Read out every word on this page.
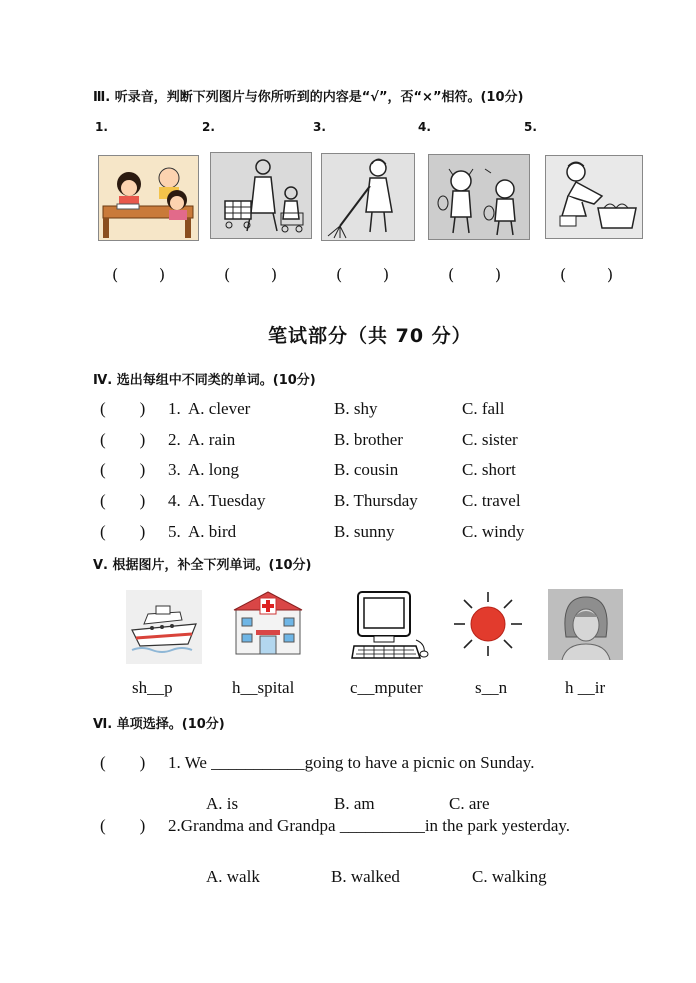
Ⅲ. 听录音，判断下列图片与你所听到的内容是“√”，否“×”相符。(10分)
1.	2.	3.	4.	5.
(        )	(        )	(        )	(        )	(        )
笔试部分（共 70 分）
Ⅳ. 选出每组中不同类的单词。(10分)
(        ) 1. A. clever	B. shy	C. fall
(        ) 2. A. rain	B. brother	C. sister
(        ) 3. A. long	B. cousin	C. short
(        ) 4. A. Tuesday	B. Thursday	C. travel
(        ) 5. A. bird	B. sunny	C. windy
Ⅴ. 根据图片，补全下列单词。(10分)
sh__p	h__spital	c__mputer	s__n	h __ir
Ⅵ. 单项选择。(10分)
(        ) 1. We ___________going to have a picnic on Sunday.
A. is	B. am	C. are
(        ) 2.Grandma and Grandpa __________in the park yesterday.
A. walk	B. walked	C. walking
